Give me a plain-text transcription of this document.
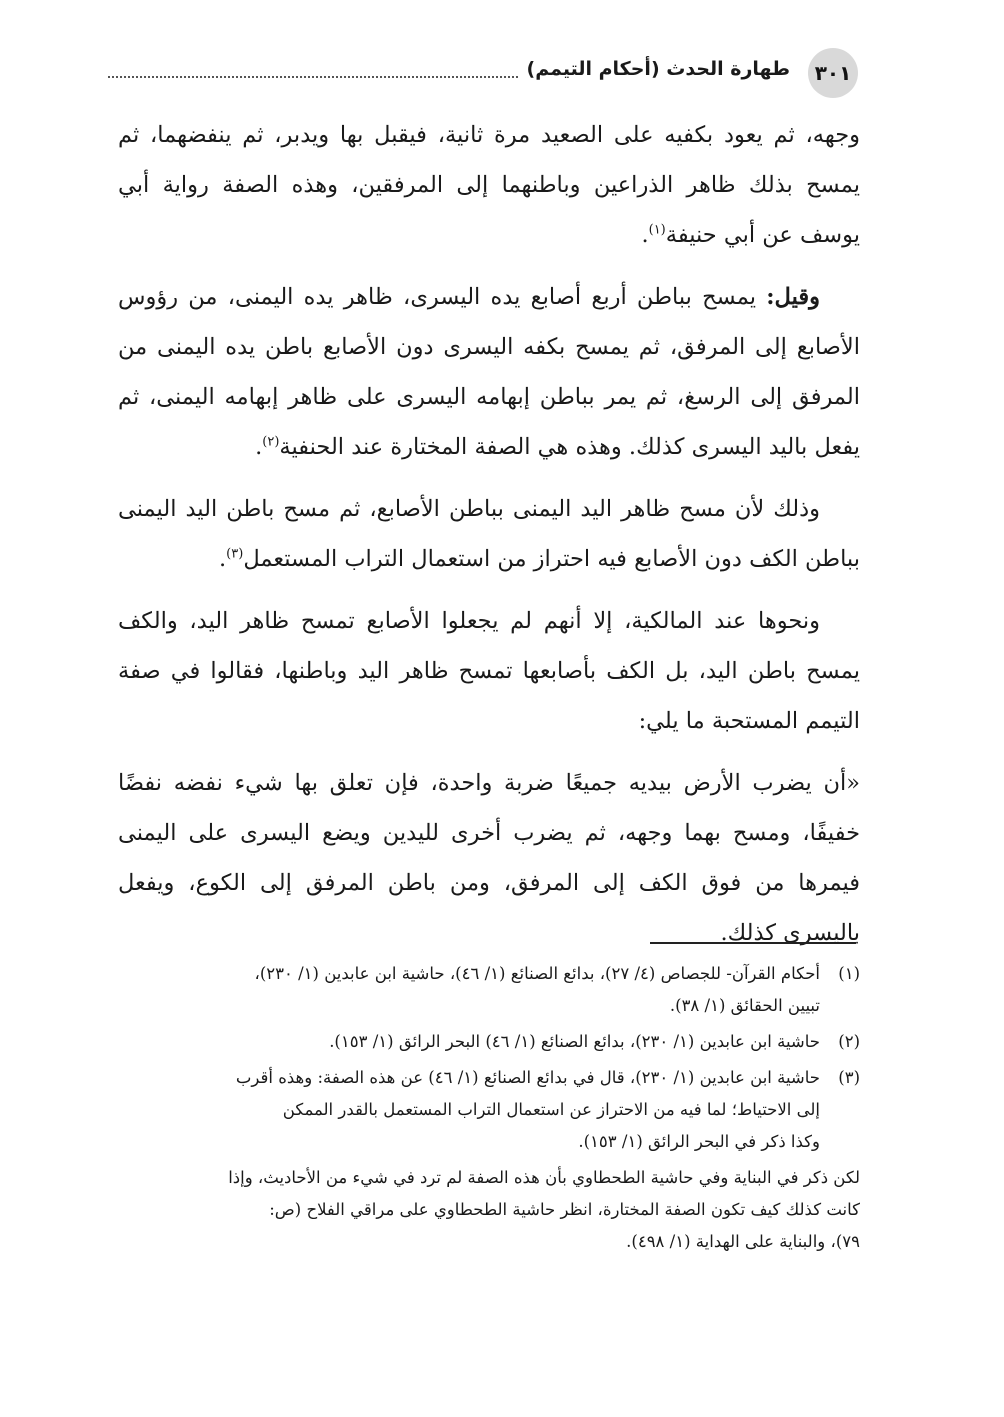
٣٠١
طهارة الحدث (أحكام التيمم)

وجهه، ثم يعود بكفيه على الصعيد مرة ثانية، فيقبل بها ويدبر، ثم ينفضهما، ثم يمسح بذلك ظاهر الذراعين وباطنهما إلى المرفقين، وهذه الصفة رواية أبي يوسف عن أبي حنيفة$^{(١)}$.

وقيل: يمسح بباطن أربع أصابع يده اليسرى، ظاهر يده اليمنى، من رؤوس الأصابع إلى المرفق، ثم يمسح بكفه اليسرى دون الأصابع باطن يده اليمنى من المرفق إلى الرسغ، ثم يمر بباطن إبهامه اليسرى على ظاهر إبهامه اليمنى، ثم يفعل باليد اليسرى كذلك. وهذه هي الصفة المختارة عند الحنفية$^{(٢)}$.

وذلك لأن مسح ظاهر اليد اليمنى بباطن الأصابع، ثم مسح باطن اليد اليمنى بباطن الكف دون الأصابع فيه احتراز من استعمال التراب المستعمل$^{(٣)}$.

ونحوها عند المالكية، إلا أنهم لم يجعلوا الأصابع تمسح ظاهر اليد، والكف يمسح باطن اليد، بل الكف بأصابعها تمسح ظاهر اليد وباطنها، فقالوا في صفة التيمم المستحبة ما يلي:

«أن يضرب الأرض بيديه جميعًا ضربة واحدة، فإن تعلق بها شيء نفضه نفضًا خفيفًا، ومسح بهما وجهه، ثم يضرب أخرى لليدين ويضع اليسرى على اليمنى فيمرها من فوق الكف إلى المرفق، ومن باطن المرفق إلى الكوع، ويفعل باليسرى كذلك.

(١)
أحكام القرآن- للجصاص (٤/ ٢٧)، بدائع الصنائع (١/ ٤٦)، حاشية ابن عابدين (١/ ٢٣٠)،
تبيين الحقائق (١/ ٣٨).
(٢)
حاشية ابن عابدين (١/ ٢٣٠)، بدائع الصنائع (١/ ٤٦) البحر الرائق (١/ ١٥٣).
(٣)
حاشية ابن عابدين (١/ ٢٣٠)، قال في بدائع الصنائع (١/ ٤٦) عن هذه الصفة: وهذه أقرب
إلى الاحتياط؛ لما فيه من الاحتراز عن استعمال التراب المستعمل بالقدر الممكن
وكذا ذكر في البحر الرائق (١/ ١٥٣).
لكن ذكر في البناية وفي حاشية الطحطاوي بأن هذه الصفة لم ترد في شيء من الأحاديث، وإذا
كانت كذلك كيف تكون الصفة المختارة، انظر حاشية الطحطاوي على مراقي الفلاح (ص:
٧٩)، والبناية على الهداية (١/ ٤٩٨).
